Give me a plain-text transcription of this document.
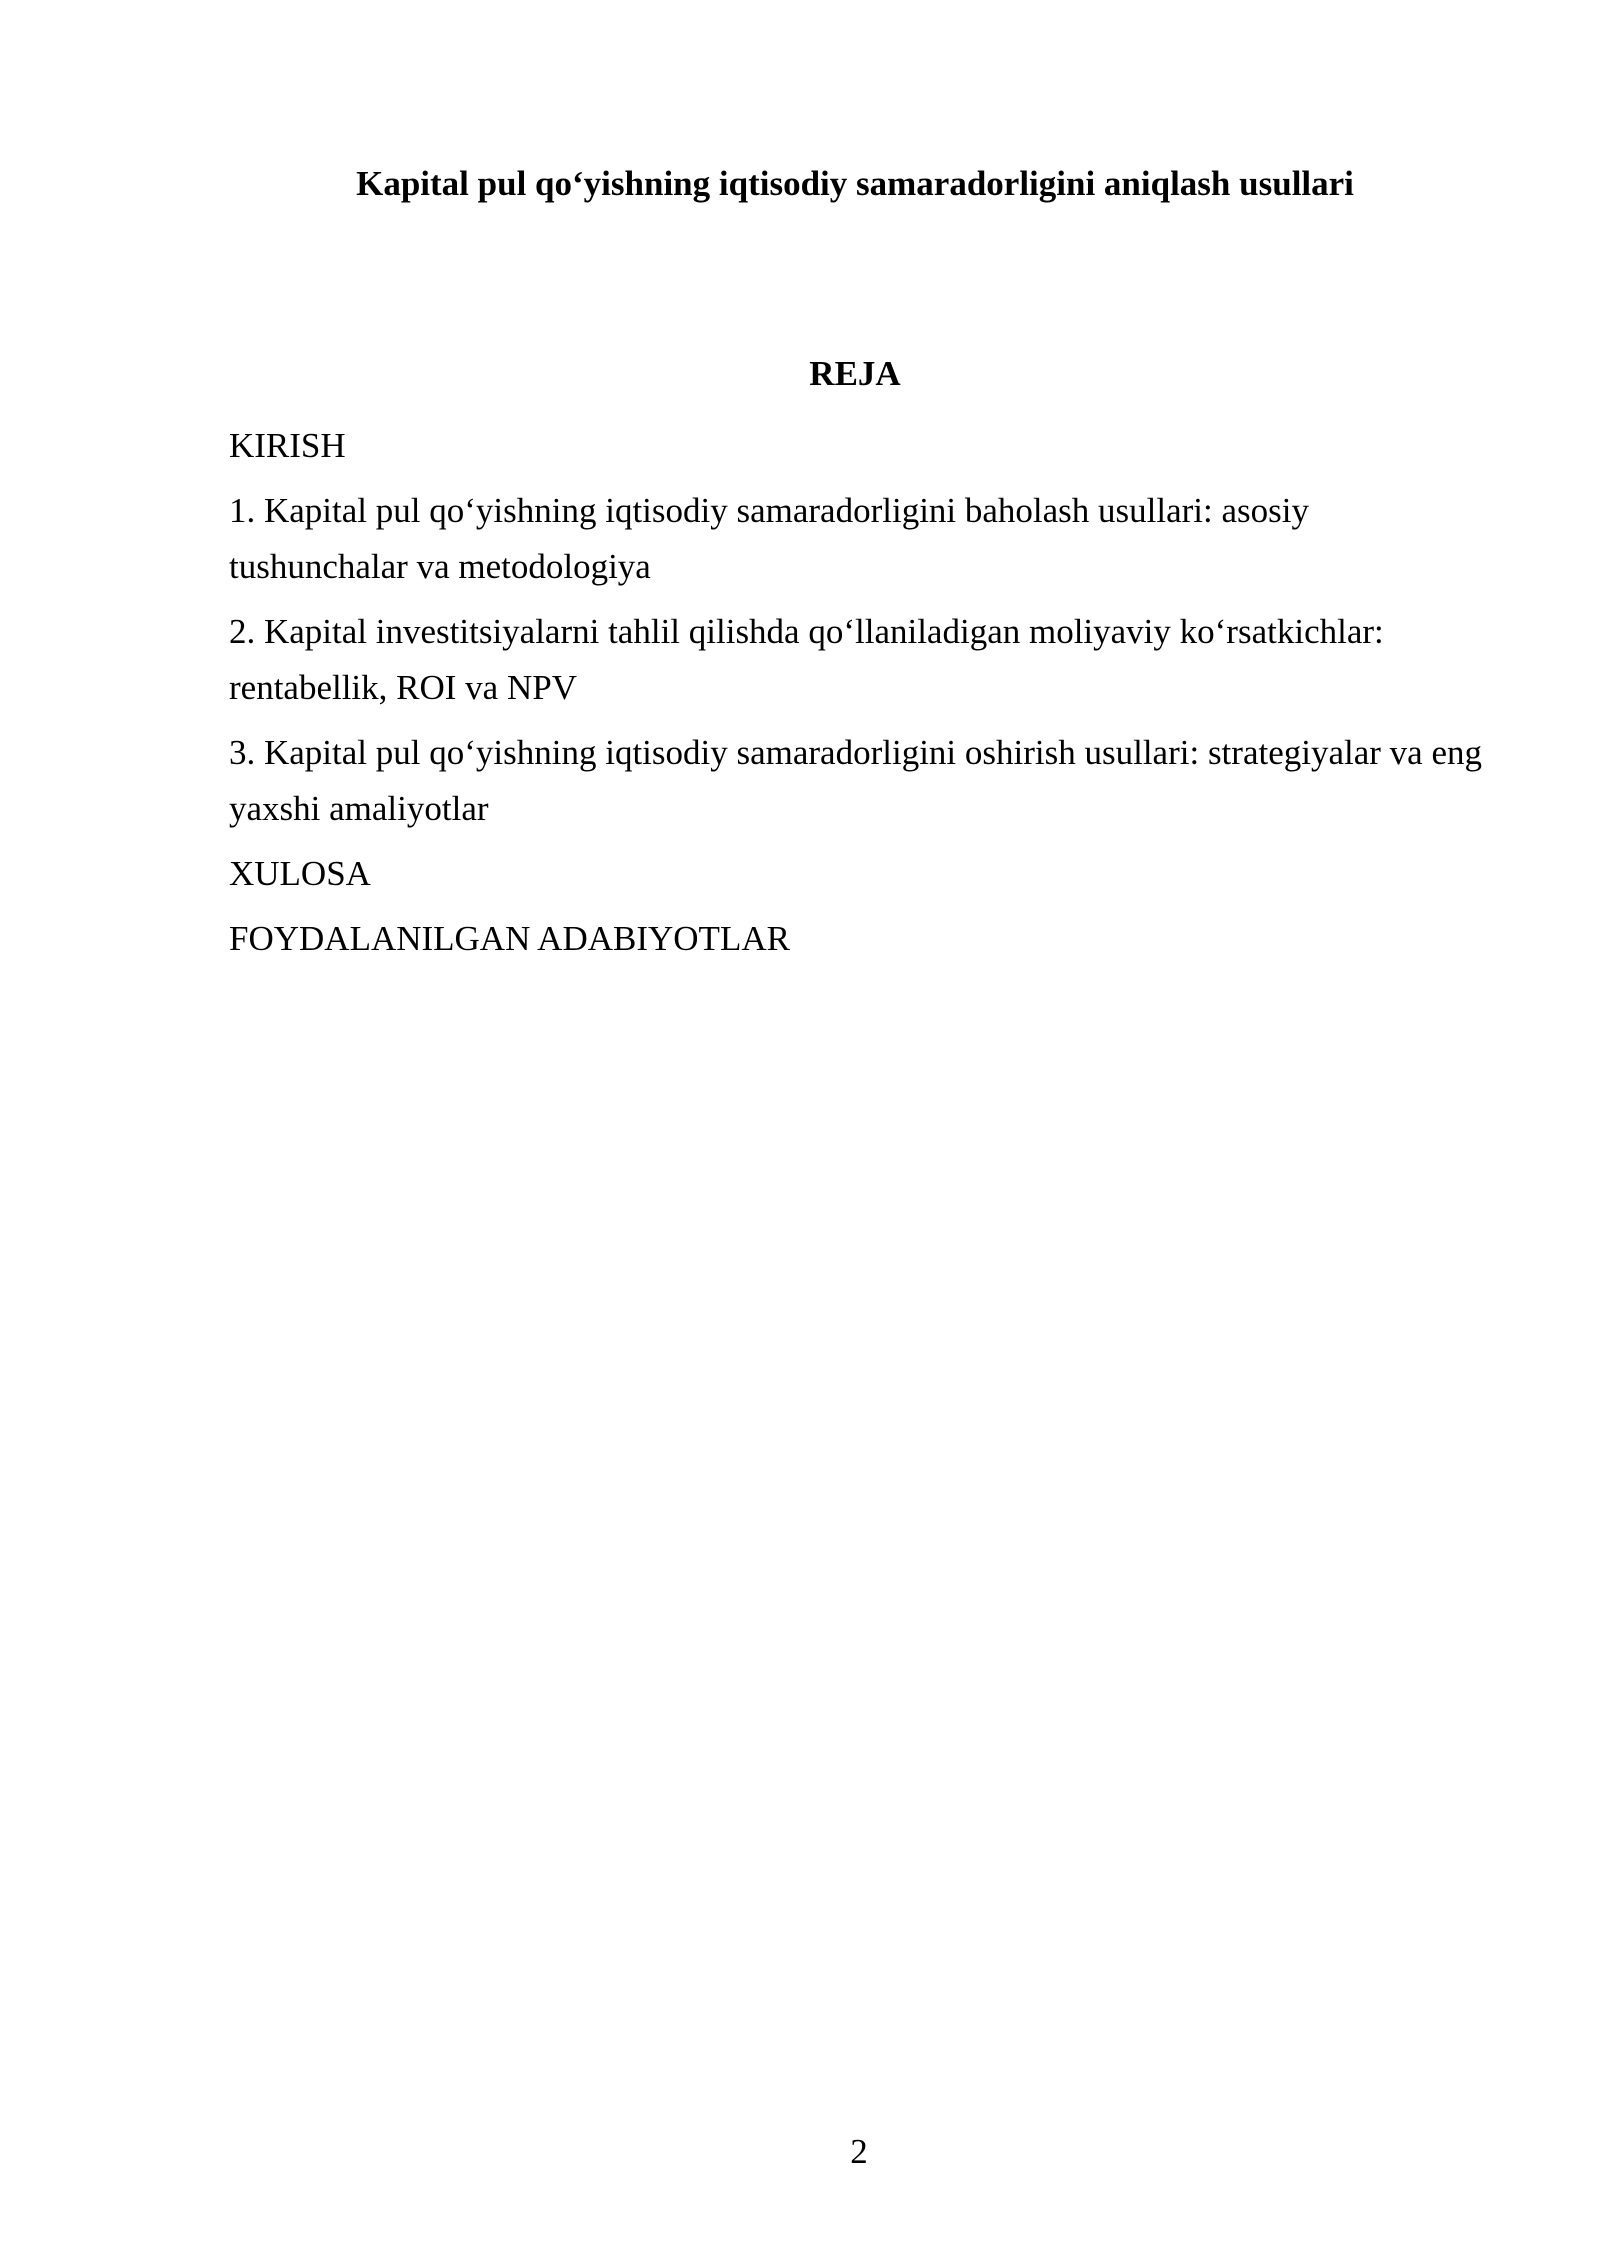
Kapital pul qo‘yishning iqtisodiy samaradorligini aniqlash usullari
REJA
KIRISH
1. Kapital pul qo‘yishning iqtisodiy samaradorligini baholash usullari: asosiy tushunchalar va metodologiya
2. Kapital investitsiyalarni tahlil qilishda qo‘llaniladigan moliyaviy ko‘rsatkichlar: rentabellik, ROI va NPV
3. Kapital pul qo‘yishning iqtisodiy samaradorligini oshirish usullari: strategiyalar va eng yaxshi amaliyotlar
XULOSA
FOYDALANILGAN ADABIYOTLAR
2
